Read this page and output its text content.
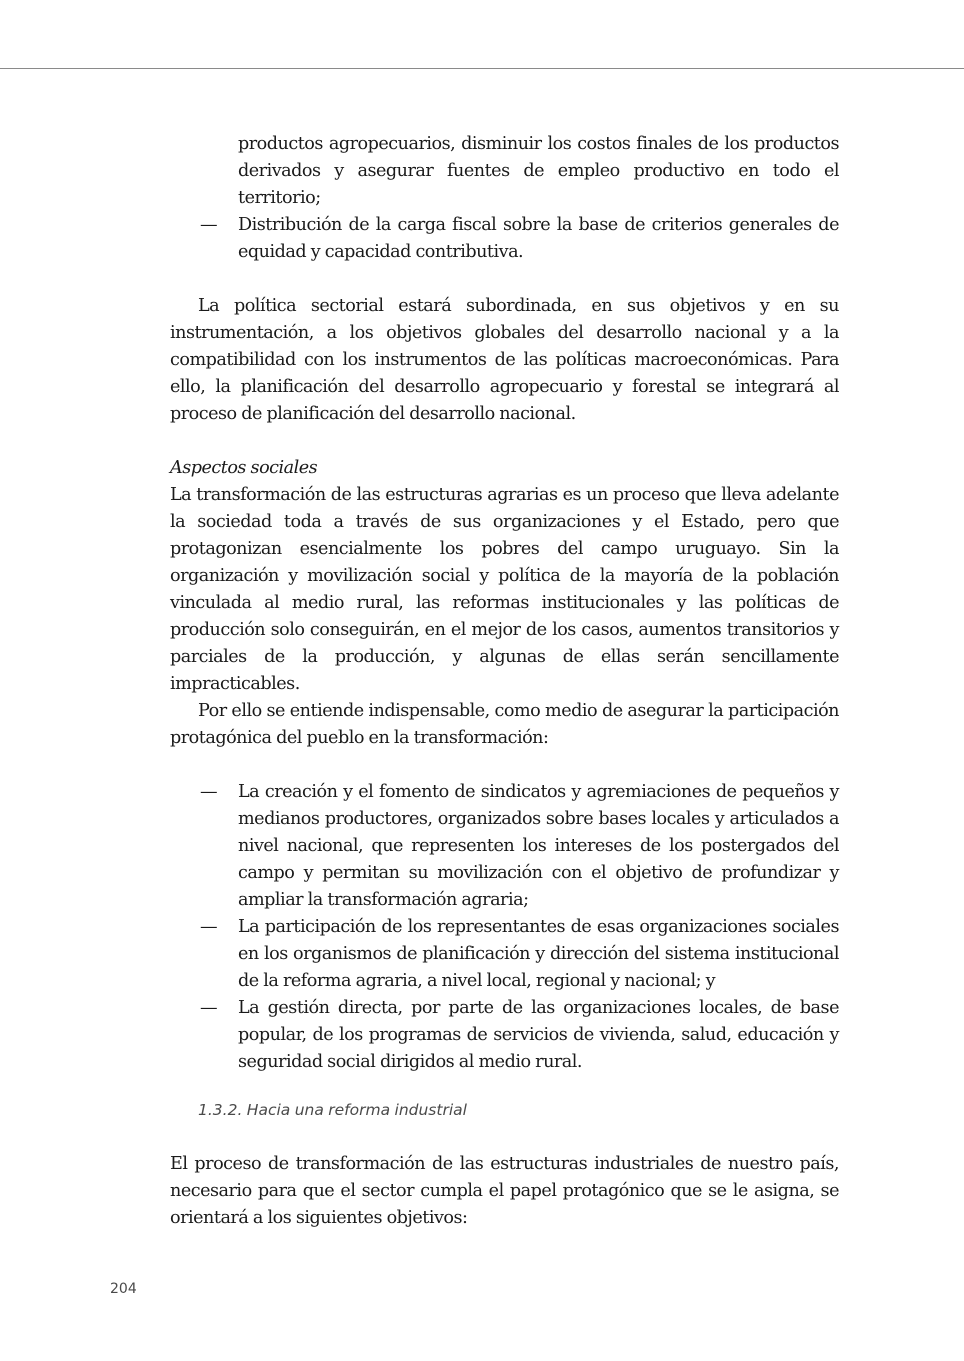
productos agropecuarios, disminuir los costos finales de los productos derivados y asegurar fuentes de empleo productivo en todo el territorio;
— Distribución de la carga fiscal sobre la base de criterios generales de equidad y capacidad contributiva.

La política sectorial estará subordinada, en sus objetivos y en su instrumentación, a los objetivos globales del desarrollo nacional y a la compatibilidad con los instrumentos de las políticas macroeconómicas. Para ello, la planificación del desarrollo agropecuario y forestal se integrará al proceso de planificación del desarrollo nacional.

Aspectos sociales

La transformación de las estructuras agrarias es un proceso que lleva adelante la sociedad toda a través de sus organizaciones y el Estado, pero que protagonizan esencialmente los pobres del campo uruguayo. Sin la organización y movilización social y política de la mayoría de la población vinculada al medio rural, las reformas institucionales y las políticas de producción solo conseguirán, en el mejor de los casos, aumentos transitorios y parciales de la producción, y algunas de ellas serán sencillamente impracticables.

Por ello se entiende indispensable, como medio de asegurar la participación protagónica del pueblo en la transformación:

— La creación y el fomento de sindicatos y agremiaciones de pequeños y medianos productores, organizados sobre bases locales y articulados a nivel nacional, que representen los intereses de los postergados del campo y permitan su movilización con el objetivo de profundizar y ampliar la transformación agraria;
— La participación de los representantes de esas organizaciones sociales en los organismos de planificación y dirección del sistema institucional de la reforma agraria, a nivel local, regional y nacional; y
— La gestión directa, por parte de las organizaciones locales, de base popular, de los programas de servicios de vivienda, salud, educación y seguridad social dirigidos al medio rural.

1.3.2. Hacia una reforma industrial

El proceso de transformación de las estructuras industriales de nuestro país, necesario para que el sector cumpla el papel protagónico que se le asigna, se orientará a los siguientes objetivos:

204
